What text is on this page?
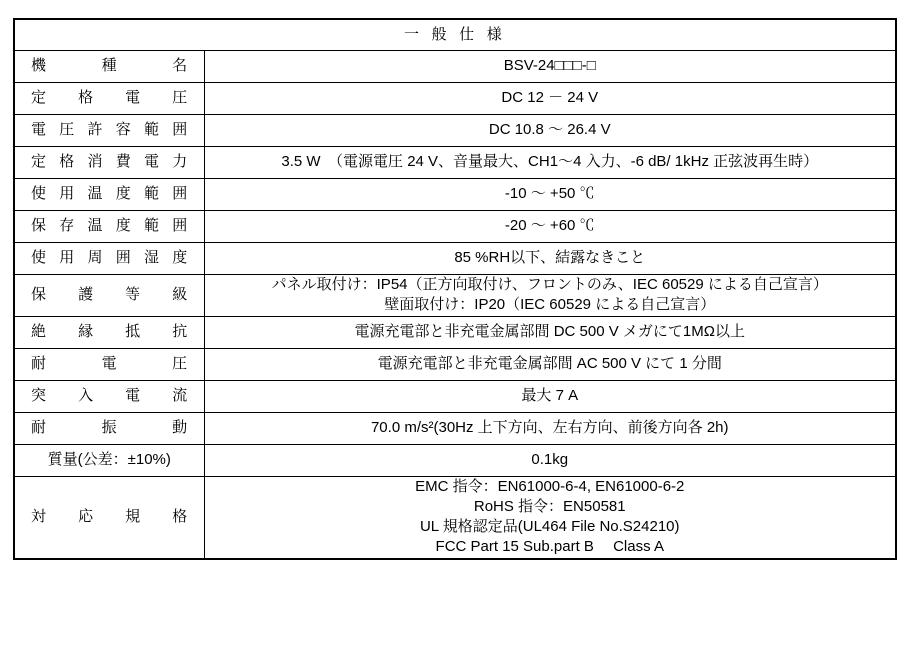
一 般 仕 様	

機　種　名	BSV-24□□□-□

定　格　電　圧	DC 12 － 24 V

電 圧 許 容 範 囲	DC 10.8 ～ 26.4 V

定 格 消 費 電 力	3.5 W　（電源電圧 24 V、音量最大、CH1～4 入力、-6 dB/ 1kHz 正弦波再生時）

使 用 温 度 範 囲	-10 ～ +50 ℃

保 存 温 度 範 囲	-20 ～ +60 ℃

使 用 周 囲 湿 度	85 %RH以下、結露なきこと

保　護　等　級	パネル取付け：IP54（正方向取付け、フロントのみ、IEC 60529 による自己宣言）
壁面取付け：IP20（IEC 60529 による自己宣言）

絶　縁　抵　抗	電源充電部と非充電金属部間 DC 500 V メガにて1MΩ以上

耐　電　圧	電源充電部と非充電金属部間 AC 500 V にて 1 分間

突　入　電　流	最大 7 A

耐　振　動	70.0 m/s²(30Hz 上下方向、左右方向、前後方向各 2h)

質量(公差：±10%)	0.1kg

対　応　規　格	EMC 指令：EN61000-6-4, EN61000-6-2
RoHS 指令：EN50581
UL 規格認定品(UL464 File No.S24210)
FCC Part 15 Sub.part B　 Class A
